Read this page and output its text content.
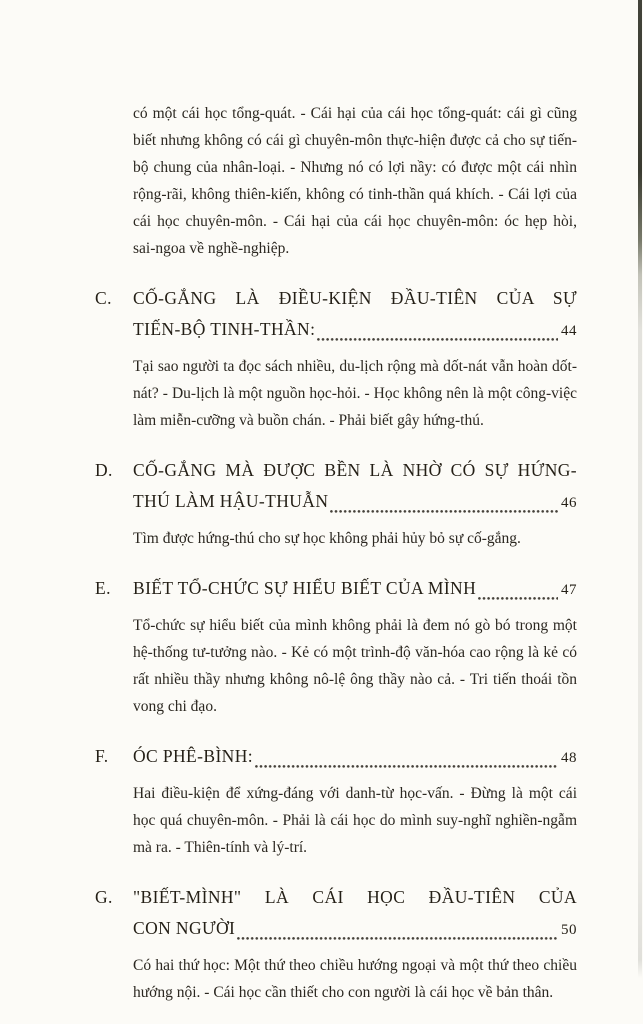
có một cái học tổng-quát. - Cái hại của cái học tổng-quát: cái gì cũng biết nhưng không có cái gì chuyên-môn thực-hiện được cả cho sự tiến-bộ chung của nhân-loại. - Nhưng nó có lợi nầy: có được một cái nhìn rộng-rãi, không thiên-kiến, không có tinh-thần quá khích. - Cái lợi của cái học chuyên-môn. - Cái hại của cái học chuyên-môn: óc hẹp hòi, sai-ngoa về nghề-nghiệp.

C.	CỐ-GẮNG LÀ ĐIỀU-KIỆN ĐẦU-TIÊN CỦA SỰ
TIẾN-BỘ TINH-THẦN:	44

Tại sao người ta đọc sách nhiều, du-lịch rộng mà dốt-nát vẫn hoàn dốt-nát? - Du-lịch là một nguồn học-hỏi. - Học không nên là một công-việc làm miễn-cưỡng và buồn chán. - Phải biết gây hứng-thú.

D.	CỐ-GẮNG MÀ ĐƯỢC BỀN LÀ NHỜ CÓ SỰ HỨNG-
THÚ LÀM HẬU-THUẪN	46

Tìm được hứng-thú cho sự học không phải hủy bỏ sự cố-gắng.

E.	BIẾT TỔ-CHỨC SỰ HIỂU BIẾT CỦA MÌNH	47

Tổ-chức sự hiểu biết của mình không phải là đem nó gò bó trong một hệ-thống tư-tưởng nào. - Kẻ có một trình-độ văn-hóa cao rộng là kẻ có rất nhiều thầy nhưng không nô-lệ ông thầy nào cả. - Tri tiến thoái tồn vong chi đạo.

F.	ÓC PHÊ-BÌNH:	48

Hai điều-kiện để xứng-đáng với danh-từ học-vấn. - Đừng là một cái học quá chuyên-môn. - Phải là cái học do mình suy-nghĩ nghiền-ngẫm mà ra. - Thiên-tính và lý-trí.

G.	"BIẾT-MÌNH" LÀ CÁI HỌC ĐẦU-TIÊN CỦA
CON NGƯỜI	50

Có hai thứ học: Một thứ theo chiều hướng ngoại và một thứ theo chiều hướng nội. - Cái học cần thiết cho con người là cái học về bản thân.
